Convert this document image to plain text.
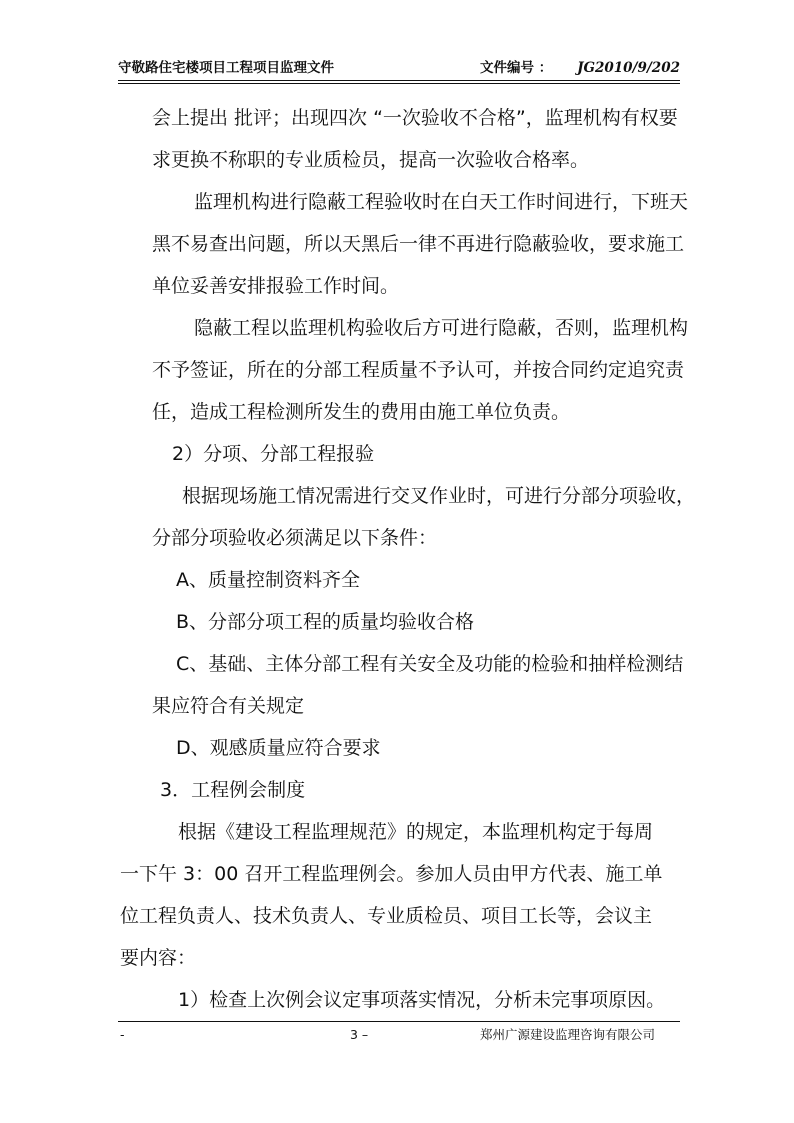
守敬路住宅楼项目工程项目监理文件	文件编号 ： JG2010/9/202
会上提出 批评；出现四次 “一次验收不合格”，监理机构有权要
求更换不称职的专业质检员，提高一次验收合格率。
监理机构进行隐蔽工程验收时在白天工作时间进行，下班天
黑不易查出问题，所以天黑后一律不再进行隐蔽验收，要求施工
单位妥善安排报验工作时间。
隐蔽工程以监理机构验收后方可进行隐蔽，否则，监理机构
不予签证，所在的分部工程质量不予认可，并按合同约定追究责
任，造成工程检测所发生的费用由施工单位负责。
2）分项、分部工程报验
根据现场施工情况需进行交叉作业时，可进行分部分项验收，
分部分项验收必须满足以下条件：
A、质量控制资料齐全
B、分部分项工程的质量均验收合格
C、基础、主体分部工程有关安全及功能的检验和抽样检测结
果应符合有关规定
D、观感质量应符合要求
3．工程例会制度
根据《建设工程监理规范》的规定，本监理机构定于每周
一下午 3：00 召开工程监理例会。参加人员由甲方代表、施工单
位工程负责人、技术负责人、专业质检员、项目工长等，会议主
要内容：
1）检查上次例会议定事项落实情况，分析未完事项原因。
-	3 –	郑州广源建设监理咨询有限公司
